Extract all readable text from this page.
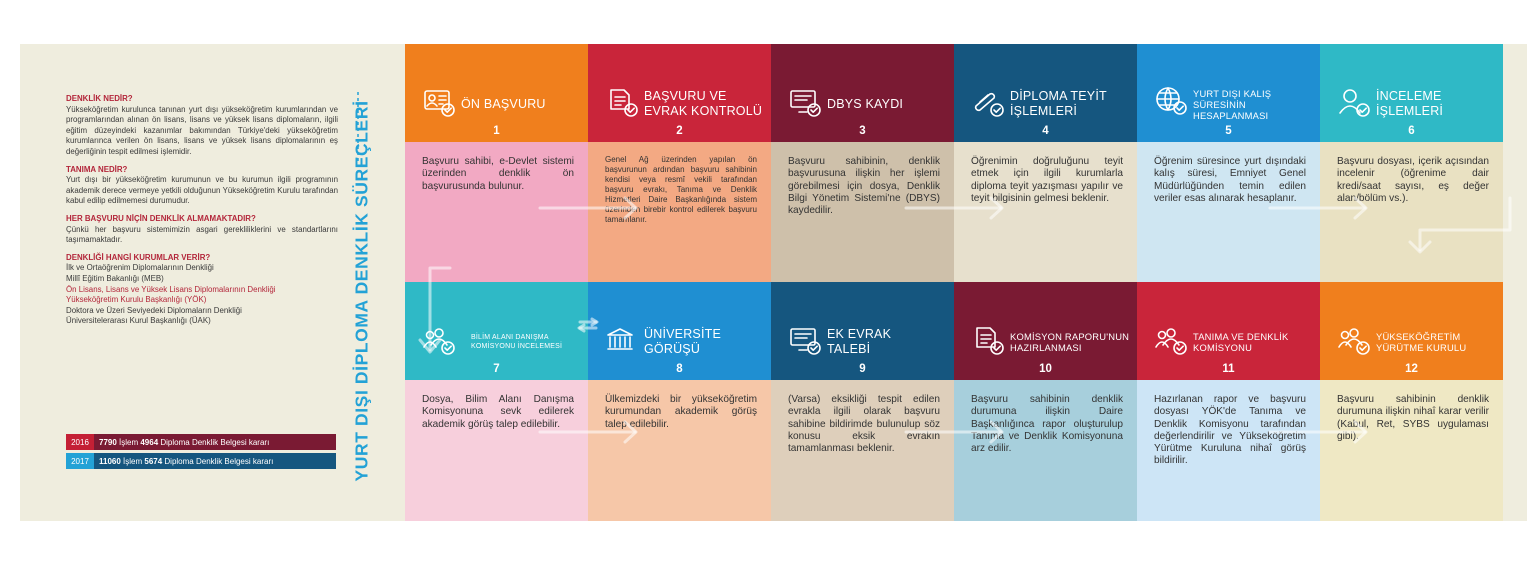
DENKLİK NEDİR?

Yükseköğretim kurulunca tanınan yurt dışı yükseköğretim kurumlarından ve programlarından alınan ön lisans, lisans ve yüksek lisans diplomaların, ilgili eğitim düzeyindeki kazanımlar bakımından Türkiye'deki yükseköğretim kurumlarınca verilen ön lisans, lisans ve yüksek lisans diplomalarının eş değerliğinin tespit edilmesi işlemidir.

TANIMA NEDİR?

Yurt dışı bir yükseköğretim kurumunun ve bu kurumun ilgili programının akademik derece vermeye yetkili olduğunun Yükseköğretim Kurulu tarafından kabul edilip edilmemesi durumudur.

HER BAŞVURU NİÇİN DENKLİK ALMAMAKTADIR?

Çünkü her başvuru sistemimizin asgari gerekliliklerini ve standartlarını taşımamaktadır.

DENKLİĞİ HANGİ KURUMLAR VERİR?

İlk ve Ortaöğrenim Diplomalarının Denkliği

Millî Eğitim Bakanlığı (MEB)

Ön Lisans, Lisans ve Yüksek Lisans Diplomalarının Denkliği

Yükseköğretim Kurulu Başkanlığı (YÖK)

Doktora ve Üzeri Seviyedeki Diplomaların Denkliği

Üniversitelerarası Kurul Başkanlığı (ÜAK)

2016	7790 İşlem 4964 Diploma Denklik Belgesi kararı
2017	11060 İşlem 5674 Diploma Denklik Belgesi kararı	YURT DIŞI DİPLOMA DENKLİK SÜREÇLERİ	ÖN BAŞVURU
1
Başvuru sahibi, e-Devlet sistemi üzerinden denklik ön başvurusunda bulunur.
BAŞVURU VE
EVRAK KONTROLÜ
2
Genel Ağ üzerinden yapılan ön başvurunun ardından başvuru sahibinin kendisi veya resmî vekili tarafından başvuru evrakı, Tanıma ve Denklik Hizmetleri Daire Başkanlığında sistem üzerinden birebir kontrol edilerek başvuru tamamlanır.
DBYS KAYDI
3
Başvuru sahibinin, denklik başvurusuna ilişkin her işlemi görebilmesi için dosya, Denklik Bilgi Yönetim Sistemi'ne (DBYS) kaydedilir.
DİPLOMA TEYİT
İŞLEMLERİ
4
Öğrenimin doğruluğunu teyit etmek için ilgili kurumlarla diploma teyit yazışması yapılır ve teyit bilgisinin gelmesi beklenir.
YURT DIŞI KALIŞ
SÜRESİNİN
HESAPLANMASI
5
Öğrenim süresince yurt dışındaki kalış süresi, Emniyet Genel Müdürlüğünden temin edilen veriler esas alınarak hesaplanır.
İNCELEME
İŞLEMLERİ
6
Başvuru dosyası, içerik açısından incelenir (öğrenime dair kredi/saat sayısı, eş değer alan/bölüm vs.).
BİLİM ALANI DANIŞMA
KOMİSYONU İNCELEMESİ
7
Dosya, Bilim Alanı Danışma Komisyonuna sevk edilerek akademik görüş talep edilebilir.
ÜNİVERSİTE
GÖRÜŞÜ
8
Ülkemizdeki bir yükseköğretim kurumundan akademik görüş talep edilebilir.
EK EVRAK
TALEBİ
9
(Varsa) eksikliği tespit edilen evrakla ilgili olarak başvuru sahibine bildirimde bulunulup söz konusu eksik evrakın tamamlanması beklenir.
KOMİSYON RAPORU'NUN
HAZIRLANMASI
10
Başvuru sahibinin denklik durumuna ilişkin Daire Başkanlığınca rapor oluşturulup Tanıma ve Denklik Komisyonuna arz edilir.
TANIMA VE DENKLİK
KOMİSYONU
11
Hazırlanan rapor ve başvuru dosyası YÖK'de Tanıma ve Denklik Komisyonu tarafından değerlendirilir ve Yükseköğretim Yürütme Kuruluna nihaî görüş bildirilir.
YÜKSEKÖĞRETİM
YÜRÜTME KURULU
12
Başvuru sahibinin denklik durumuna ilişkin nihaî karar verilir (Kabul, Ret, SYBS uygulaması gibi).
